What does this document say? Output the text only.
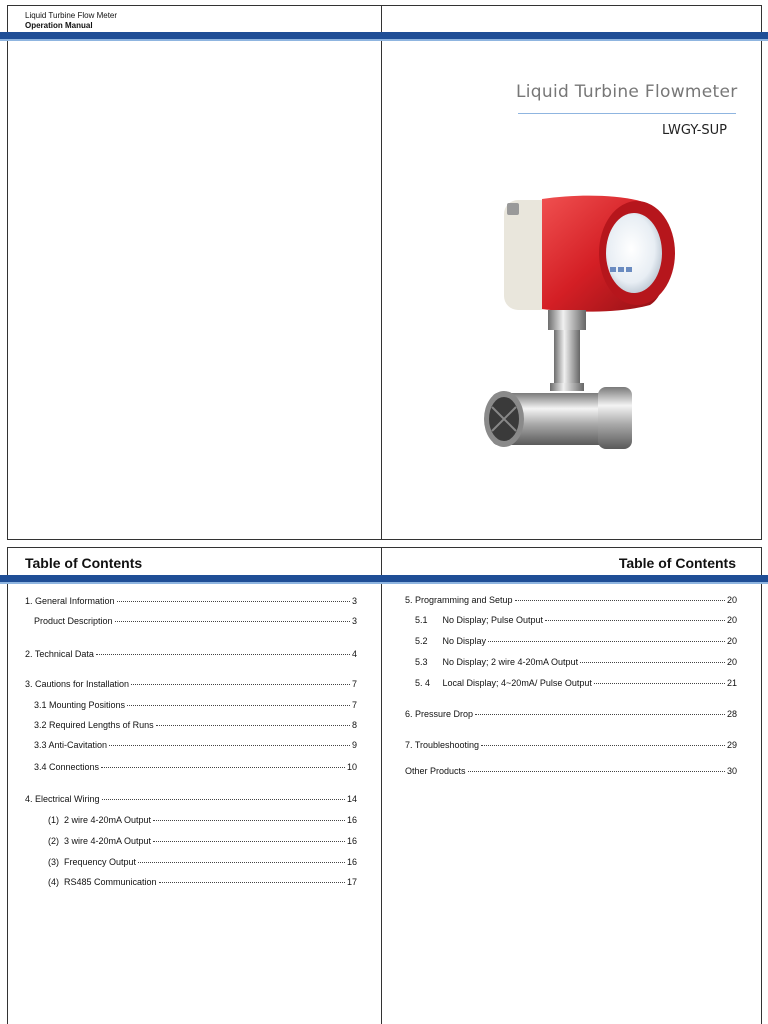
Liquid Turbine Flow Meter
Operation Manual
Liquid Turbine Flowmeter
LWGY-SUP
Table of Contents	Table of Contents
1. General Information	3
Product Description	3
2. Technical Data	4
3. Cautions for Installation	7
3.1 Mounting Positions	7
3.2 Required Lengths of Runs	8
3.3 Anti-Cavitation	9
3.4 Connections	10
4. Electrical Wiring	14
(1)  2 wire 4-20mA Output	16
(2)  3 wire 4-20mA Output	16
(3)  Frequency Output	16
(4)  RS485 Communication	17
5. Programming and Setup	20
5.1      No Display; Pulse Output	20
5.2      No Display	20
5.3      No Display; 2 wire 4-20mA Output	20
5. 4     Local Display; 4~20mA/ Pulse Output	21
6. Pressure Drop	28
7. Troubleshooting	29
Other Products	30
